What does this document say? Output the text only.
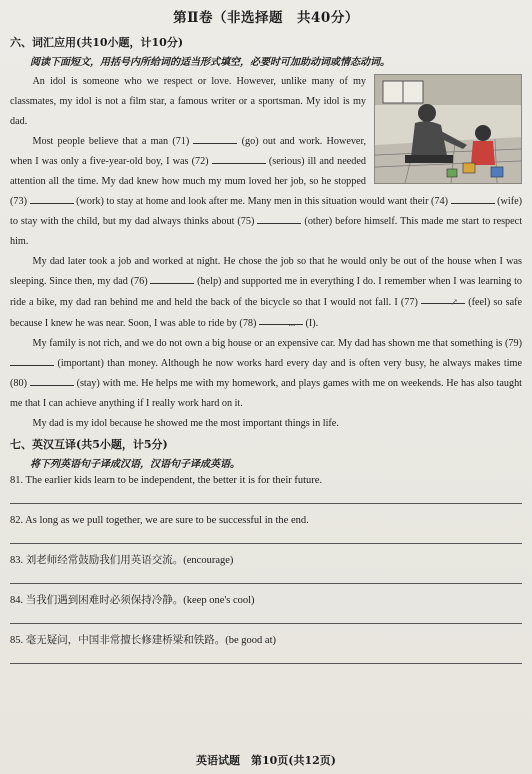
第Ⅱ卷（非选择题　共40分）
六、词汇应用(共10小题，计10分)
阅读下面短文，用括号内所给词的适当形式填空，必要时可加助动词或情态动词。

An idol is someone who we respect or love. However, unlike many of my classmates, my idol is not a film star, a famous writer or a sportsman. My idol is my dad.

Most people believe that a man (71)	(go) out and work. However, when I was only a five-year-old boy, I was (72)	(serious) ill and needed attention all the time. My dad knew how much my mum loved her job, so he stopped (73)	(work) to stay at home and look after me. Many men in this situation would want their (74)	(wife) to stay with the child, but my dad always thinks about (75)	(other) before himself. This made me start to respect him.

My dad later took a job and worked at night. He chose the job so that he would only be out of the house when I was sleeping. Since then, my dad (76)	(help) and supported me in everything I do. I remember when I was learning to ride a bike, my dad ran behind me and held the back of the bicycle so that I would not fall. I (77)	↗ (feel) so safe because I knew he was near. Soon, I was able to ride by (78)	... (I).

My family is not rich, and we do not own a big house or an expensive car. My dad has shown me that something is (79)  (important) than money. Although he now works hard every day and is often very busy, he always makes time (80)	(stay) with me. He helps me with my homework, and plays games with me on weekends. He has also taught me that I can achieve anything if I really work hard on it.

My dad is my idol because he showed me the most important things in life.

七、英汉互译(共5小题，计5分)
将下列英语句子译成汉语，汉语句子译成英语。

81. The earlier kids learn to be independent, the better it is for their future.

82. As long as we pull together, we are sure to be successful in the end.

83. 刘老师经常鼓励我们用英语交流。(encourage)

84. 当我们遇到困难时必须保持冷静。(keep one's cool)

85. 毫无疑问，中国非常擅长修建桥梁和铁路。(be good at)

英语试题　第10页(共12页)
